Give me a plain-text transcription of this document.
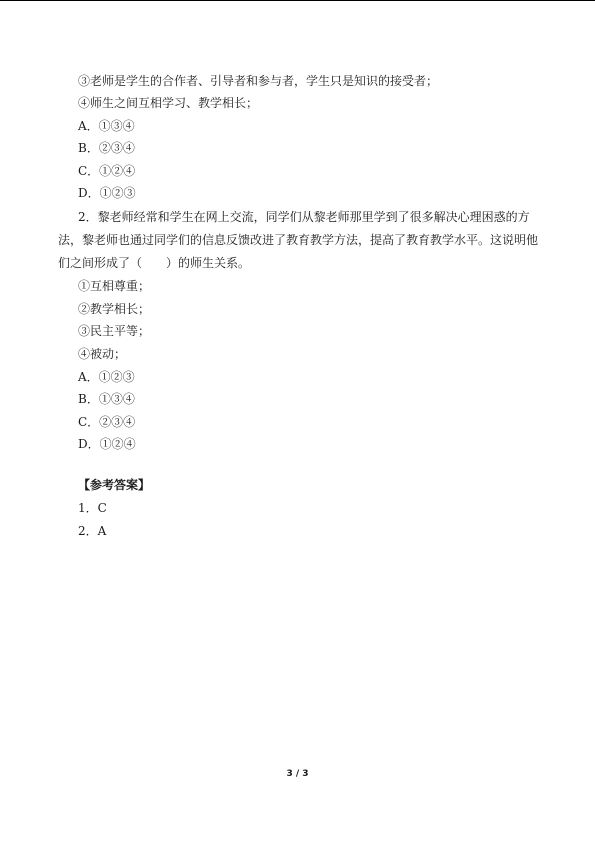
③老师是学生的合作者、引导者和参与者，学生只是知识的接受者；
④师生之间互相学习、教学相长；
A．①③④
B．②③④
C．①②④
D．①②③
2．黎老师经常和学生在网上交流，同学们从黎老师那里学到了很多解决心理困惑的方
法，黎老师也通过同学们的信息反馈改进了教育教学方法，提高了教育教学水平。这说明他
们之间形成了（　　）的师生关系。
①互相尊重；
②教学相长；
③民主平等；
④被动；
A．①②③
B．①③④
C．②③④
D．①②④
【参考答案】
1．C
2．A
3 / 3
